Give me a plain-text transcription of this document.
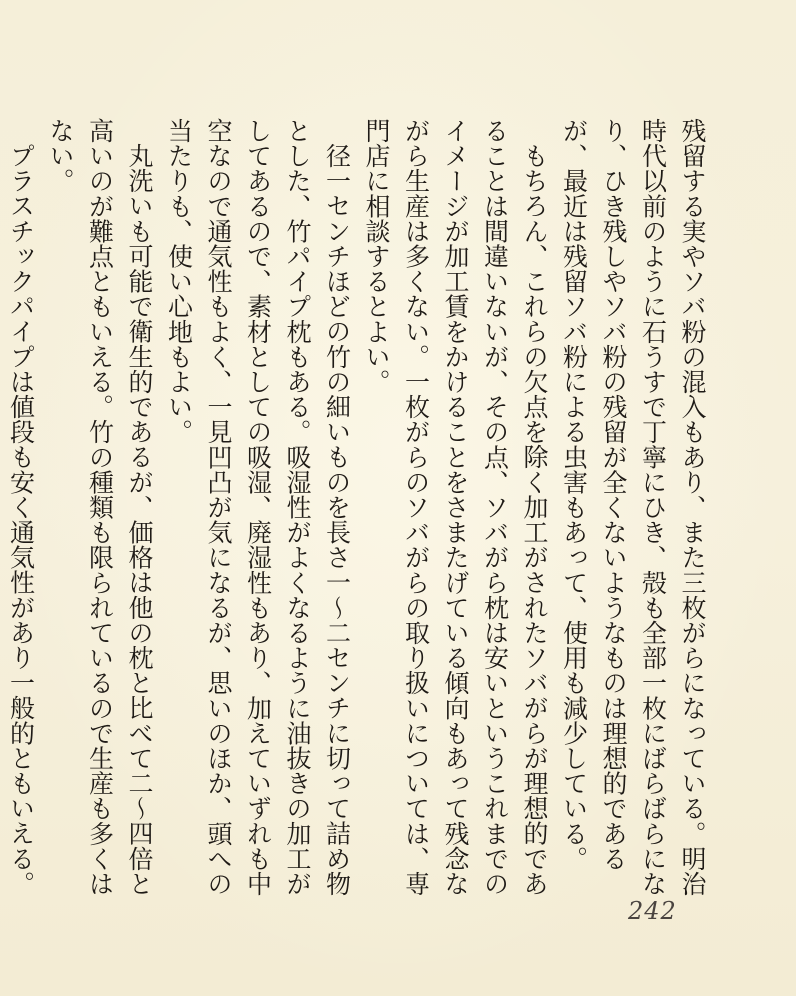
残留する実やソバ粉の混入もあり、また三枚がらになっている。明治時代以前のように石うすで丁寧にひき、殻も全部一枚にばらばらになり、ひき残しやソバ粉の残留が全くないようなものは理想的であるが、最近は残留ソバ粉による虫害もあって、使用も減少している。

もちろん、これらの欠点を除く加工がされたソバがらが理想的であることは間違いないが、その点、ソバがら枕は安いというこれまでのイメージが加工賃をかけることをさまたげている傾向もあって残念ながら生産は多くない。一枚がらのソバがらの取り扱いについては、専門店に相談するとよい。

径一センチほどの竹の細いものを長さ一〜二センチに切って詰め物とした、竹パイプ枕もある。吸湿性がよくなるように油抜きの加工がしてあるので、素材としての吸湿、廃湿性もあり、加えていずれも中空なので通気性もよく、一見凹凸が気になるが、思いのほか、頭への当たりも、使い心地もよい。

丸洗いも可能で衛生的であるが、価格は他の枕と比べて二〜四倍と高いのが難点ともいえる。竹の種類も限られているので生産も多くはない。

プラスチックパイプは値段も安く通気性があり一般的ともいえる。

242
